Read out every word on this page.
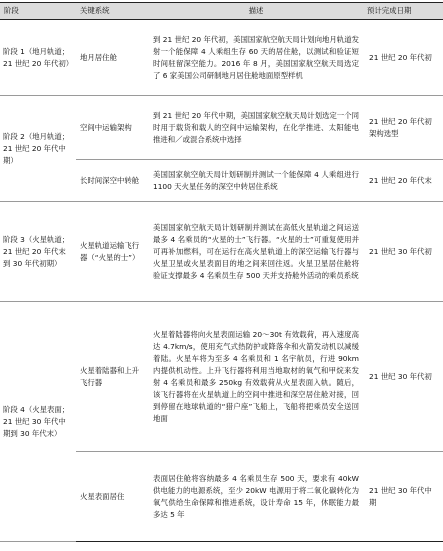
阶段	关键系统	描述	预计完成日期
阶段 1（地月轨道；21 世纪 20 年代初）	地月居住舱	到 21 世纪 20 年代初，美国国家航空航天局计划向地月轨道发射一个能保障 4 人乘组生存 60 天的居住舱，以测试和验证短时间驻留深空能力。2016 年 8 月，美国国家航空航天局选定了 6 家美国公司研制地月居住舱地面原型样机	21 世纪 20 年代初
阶段 2（地月轨道；21 世纪 20 年代中期）	空间中运输架构	到 21 世纪 20 年代中期，美国国家航空航天局计划选定一个同时用于载货和载人的空间中运输架构，在化学推进、太阳能电推进和／或混合系统中选择	21 世纪 20 年代初架构选型
	长时间深空中转舱	美国国家航空航天局计划研制并测试一个能保障 4 人乘组进行 1100 天火星任务的深空中转居住系统	21 世纪 20 年代末
阶段 3（火星轨道；21 世纪 20 年代末到 30 年代初期）	火星轨道运输飞行器（“火星的士”）	美国国家航空航天局计划研制并测试在高低火星轨道之间运送最多 4 名乘员的“火星的士”飞行器。“火星的士”可重复使用并可再补加燃料，可在运行在高火星轨道上的深空运输飞行器与火星卫星或火星表面目的地之间来回往返。火星卫星居住舱将验证支撑最多 4 名乘员生存 500 天并支持舱外活动的乘员系统	21 世纪 30 年代初
阶段 4（火星表面；21 世纪 30 年代中期到 30 年代末）	火星着陆器和上升飞行器	火星着陆器将向火星表面运输 20～30t 有效载荷，再入速度高达 4.7km/s，使用充气式热防护或降落伞和火箭发动机以减缓着陆。火星车将为至多 4 名乘员和 1 名宇航员，行进 90km 内提供机动性。上升飞行器将利用当地取材的氧气和甲烷来发射 4 名乘员和最多 250kg 有效载荷从火星表面入轨。随后，该飞行器将在火星轨道上的空间中推进和深空居住舱对接，回到停留在地球轨道的“猎户座”飞船上，飞船将把乘员安全送回地面	21 世纪 30 年代初
	火星表面居住	表面居住舱将容纳最多 4 名乘员生存 500 天，要求有 40kW 供电能力的电源系统，至少 20kW 电源用于将二氧化碳转化为氧气供给生命保障和推进系统，设计寿命 15 年，休眠能力最多达 5 年	21 世纪 30 年代中期
